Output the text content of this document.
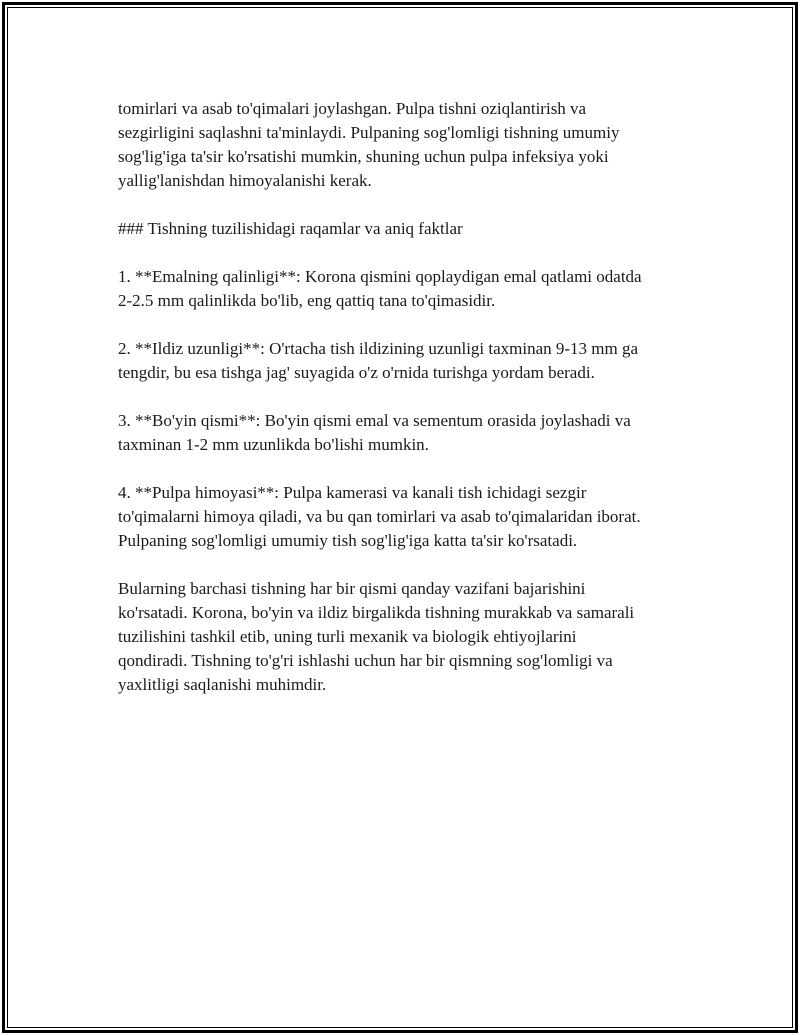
tomirlari va asab to'qimalari joylashgan. Pulpa tishni oziqlantirish va
sezgirligini saqlashni ta'minlaydi. Pulpaning sog'lomligi tishning umumiy
sog'lig'iga ta'sir ko'rsatishi mumkin, shuning uchun pulpa infeksiya yoki
yallig'lanishdan himoyalanishi kerak.

### Tishning tuzilishidagi raqamlar va aniq faktlar

1. **Emalning qalinligi**: Korona qismini qoplaydigan emal qatlami odatda
2-2.5 mm qalinlikda bo'lib, eng qattiq tana to'qimasidir.

2. **Ildiz uzunligi**: O'rtacha tish ildizining uzunligi taxminan 9-13 mm ga
tengdir, bu esa tishga jag' suyagida o'z o'rnida turishga yordam beradi.

3. **Bo'yin qismi**: Bo'yin qismi emal va sementum orasida joylashadi va
taxminan 1-2 mm uzunlikda bo'lishi mumkin.

4. **Pulpa himoyasi**: Pulpa kamerasi va kanali tish ichidagi sezgir
to'qimalarni himoya qiladi, va bu qan tomirlari va asab to'qimalaridan iborat.
Pulpaning sog'lomligi umumiy tish sog'lig'iga katta ta'sir ko'rsatadi.

Bularning barchasi tishning har bir qismi qanday vazifani bajarishini
ko'rsatadi. Korona, bo'yin va ildiz birgalikda tishning murakkab va samarali
tuzilishini tashkil etib, uning turli mexanik va biologik ehtiyojlarini
qondiradi. Tishning to'g'ri ishlashi uchun har bir qismning sog'lomligi va
yaxlitligi saqlanishi muhimdir.
